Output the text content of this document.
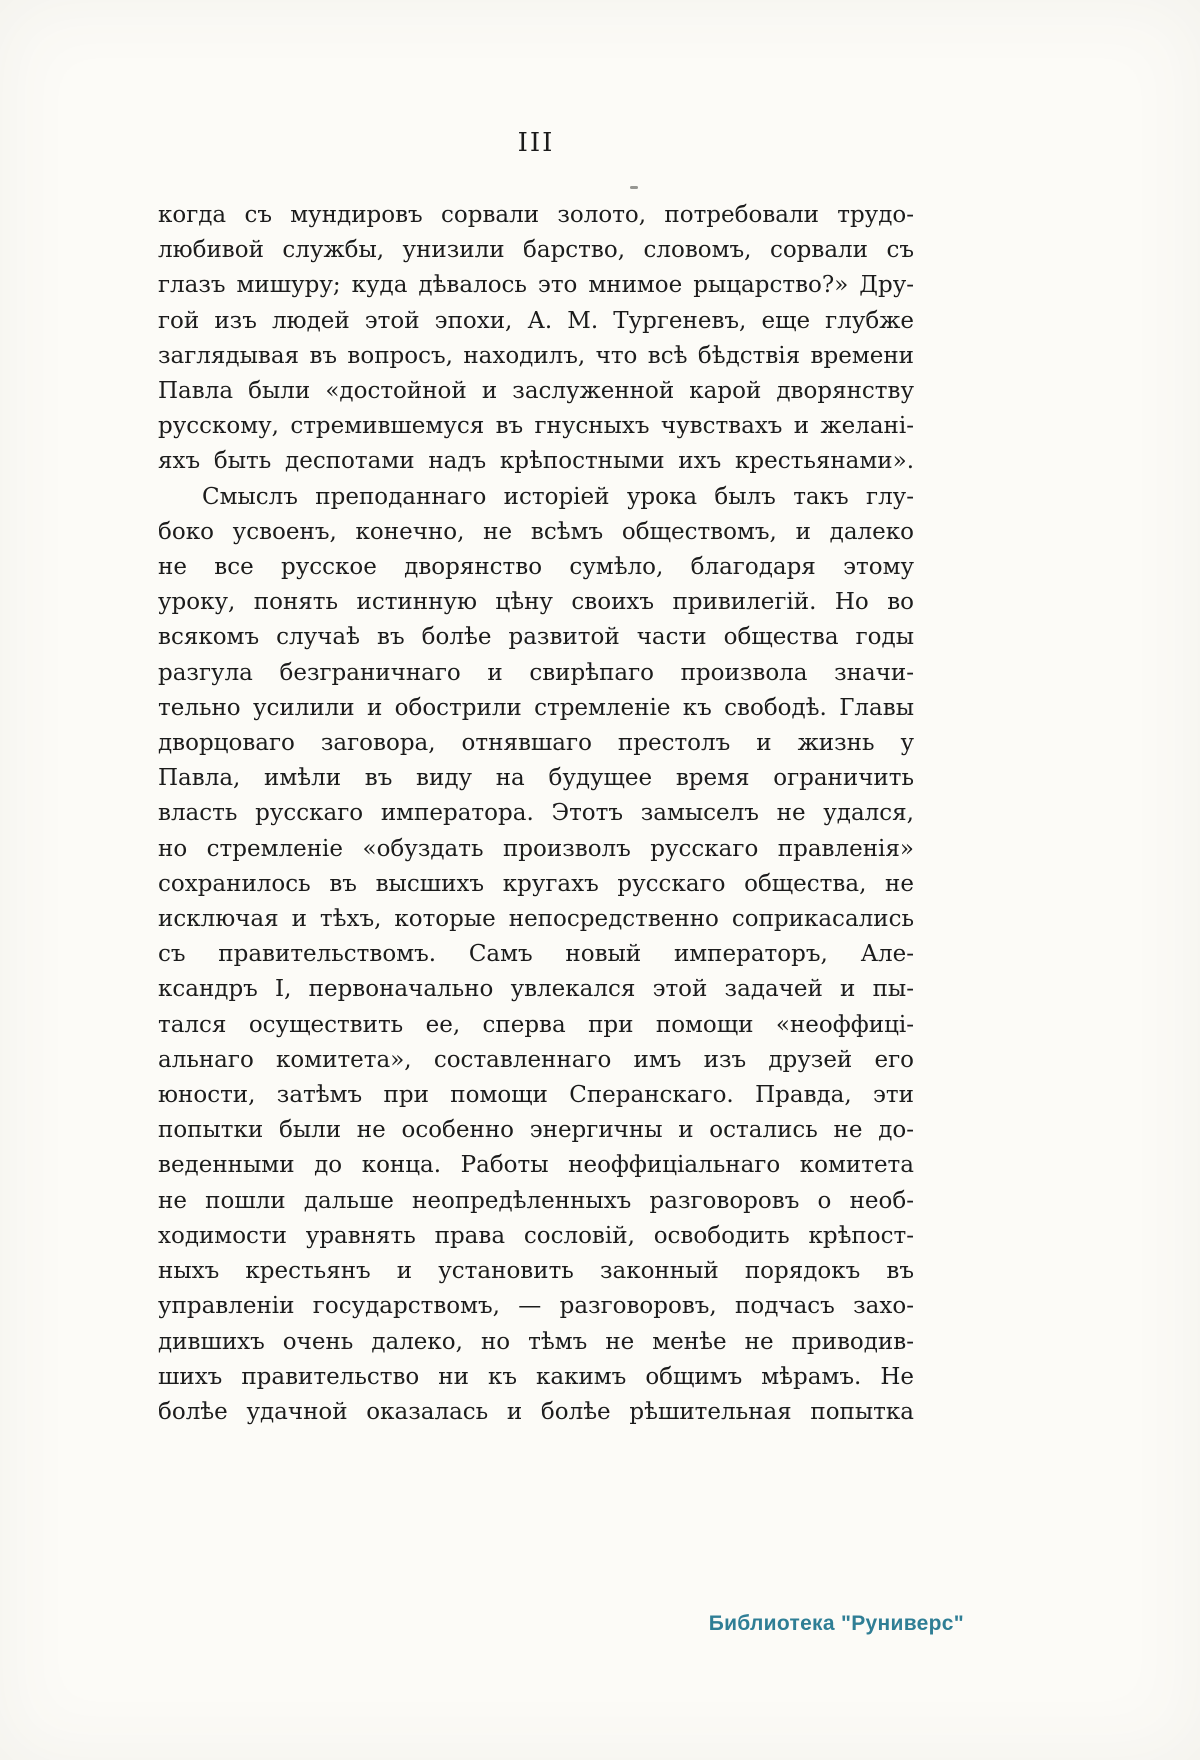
III
когда съ мундировъ сорвали золото, потребовали трудо-
любивой службы, унизили барство, словомъ, сорвали съ
глазъ мишуру; куда дѣвалось это мнимое рыцарство?» Дру-
гой изъ людей этой эпохи, А. М. Тургеневъ, еще глубже
заглядывая въ вопросъ, находилъ, что всѣ бѣдствія времени
Павла были «достойной и заслуженной карой дворянству
русскому, стремившемуся въ гнусныхъ чувствахъ и желані-
яхъ быть деспотами надъ крѣпостными ихъ крестьянами».
Смыслъ преподаннаго исторіей урока былъ такъ глу-
боко усвоенъ, конечно, не всѣмъ обществомъ, и далеко
не все русское дворянство сумѣло, благодаря этому
уроку, понять истинную цѣну своихъ привилегій. Но во
всякомъ случаѣ въ болѣе развитой части общества годы
разгула безграничнаго и свирѣпаго произвола значи-
тельно усилили и обострили стремленіе къ свободѣ. Главы
дворцоваго заговора, отнявшаго престолъ и жизнь у
Павла, имѣли въ виду на будущее время ограничить
власть русскаго императора. Этотъ замыселъ не удался,
но стремленіе «обуздать произволъ русскаго правленія»
сохранилось въ высшихъ кругахъ русскаго общества, не
исключая и тѣхъ, которые непосредственно соприкасались
съ правительствомъ. Самъ новый императоръ, Але-
ксандръ I, первоначально увлекался этой задачей и пы-
тался осуществить ее, сперва при помощи «неоффиці-
альнаго комитета», составленнаго имъ изъ друзей его
юности, затѣмъ при помощи Сперанскаго. Правда, эти
попытки были не особенно энергичны и остались не до-
веденными до конца. Работы неоффиціальнаго комитета
не пошли дальше неопредѣленныхъ разговоровъ о необ-
ходимости уравнять права сословій, освободить крѣпост-
ныхъ крестьянъ и установить законный порядокъ въ
управленіи государствомъ, — разговоровъ, подчасъ захо-
дившихъ очень далеко, но тѣмъ не менѣе не приводив-
шихъ правительство ни къ какимъ общимъ мѣрамъ. Не
болѣе удачной оказалась и болѣе рѣшительная попытка
Библиотека "Руниверс"
